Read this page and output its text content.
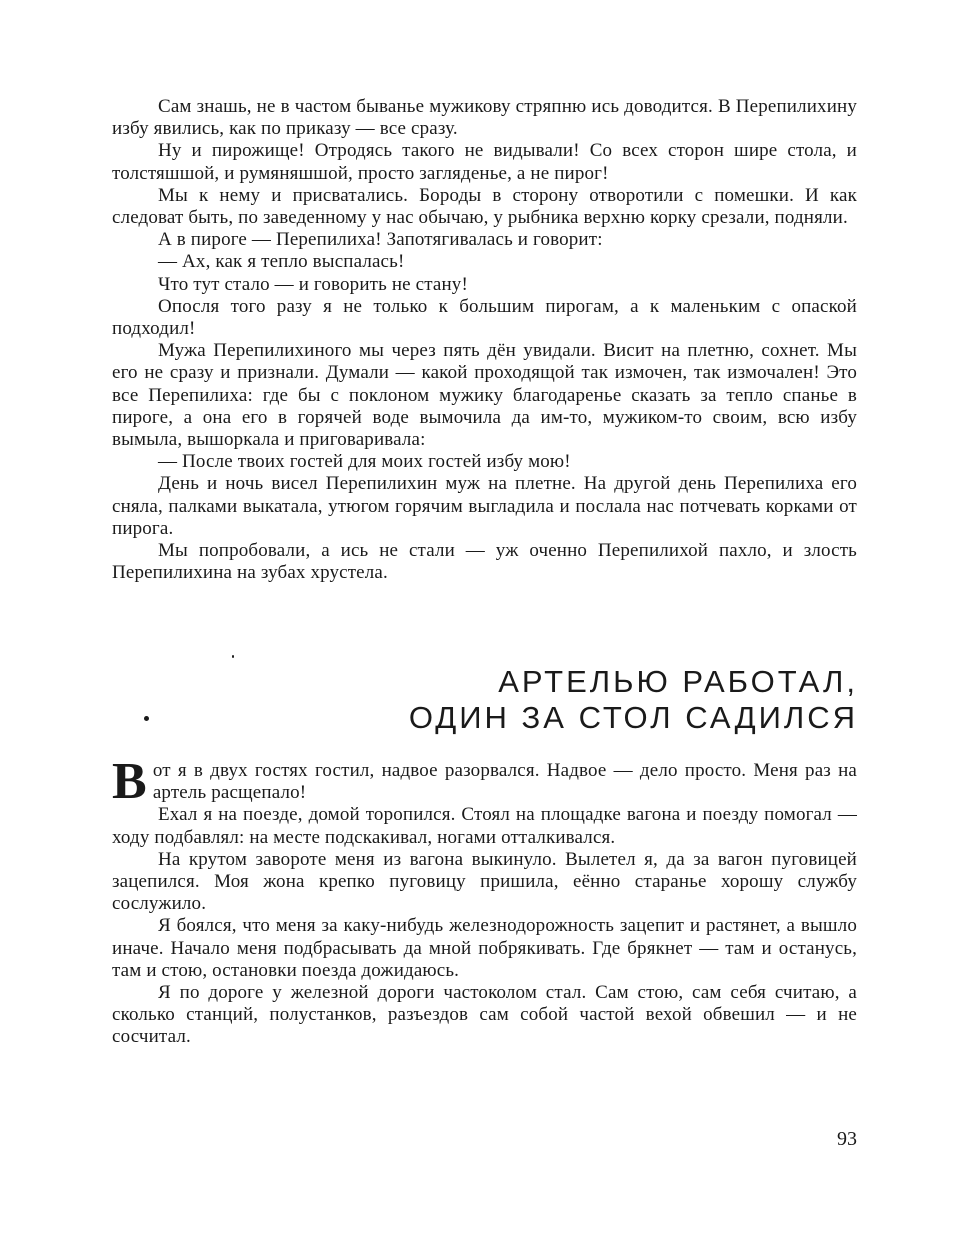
Сам знашь, не в частом быванье мужикову стряпню ись доводится. В Перепилихину избу явились, как по приказу — все сразу.

Ну и пирожище! Отродясь такого не видывали! Со всех сторон шире стола, и толстяшшой, и румяняшшой, просто загляденье, а не пирог!

Мы к нему и присватались. Бороды в сторону отворотили с помешки. И как следоват быть, по заведенному у нас обычаю, у рыбника верхню корку срезали, подняли.

А в пироге — Перепилиха! Запотягивалась и говорит:

— Ах, как я тепло выспалась!

Что тут стало — и говорить не стану!

Опосля того разу я не только к большим пирогам, а к маленьким с опаской подходил!

Мужа Перепилихиного мы через пять дён увидали. Висит на плетню, сохнет. Мы его не сразу и признали. Думали — какой проходящой так измочен, так измочален! Это все Перепилиха: где бы с поклоном мужику благодаренье сказать за тепло спанье в пироге, а она его в горячей воде вымочила да им-то, мужиком-то своим, всю избу вымыла, вышоркала и приговаривала:

— После твоих гостей для моих гостей избу мою!

День и ночь висел Перепилихин муж на плетне. На другой день Перепилиха его сняла, палками выкатала, утюгом горячим выгладила и послала нас потчевать корками от пирога.

Мы попробовали, а ись не стали — уж оченно Перепилихой пахло, и злость Перепилихина на зубах хрустела.

АРТЕЛЬЮ РАБОТАЛ,
ОДИН ЗА СТОЛ САДИЛСЯ

Вот я в двух гостях гостил, надвое разорвался. Надвое — дело просто. Меня раз на артель расщепало!

Ехал я на поезде, домой торопился. Стоял на площадке вагона и поезду помогал — ходу подбавлял: на месте подскакивал, ногами отталкивался.

На крутом завороте меня из вагона выкинуло. Вылетел я, да за вагон пуговицей зацепился. Моя жона крепко пуговицу пришила, еённо старанье хорошу службу сослужило.

Я боялся, что меня за каку-нибудь железнодорожность зацепит и растянет, а вышло иначе. Начало меня подбрасывать да мной побрякивать. Где брякнет — там и останусь, там и стою, остановки поезда дожидаюсь.

Я по дороге у железной дороги частоколом стал. Сам стою, сам себя считаю, а сколько станций, полустанков, разъездов сам собой частой вехой обвешил — и не сосчитал.

93
